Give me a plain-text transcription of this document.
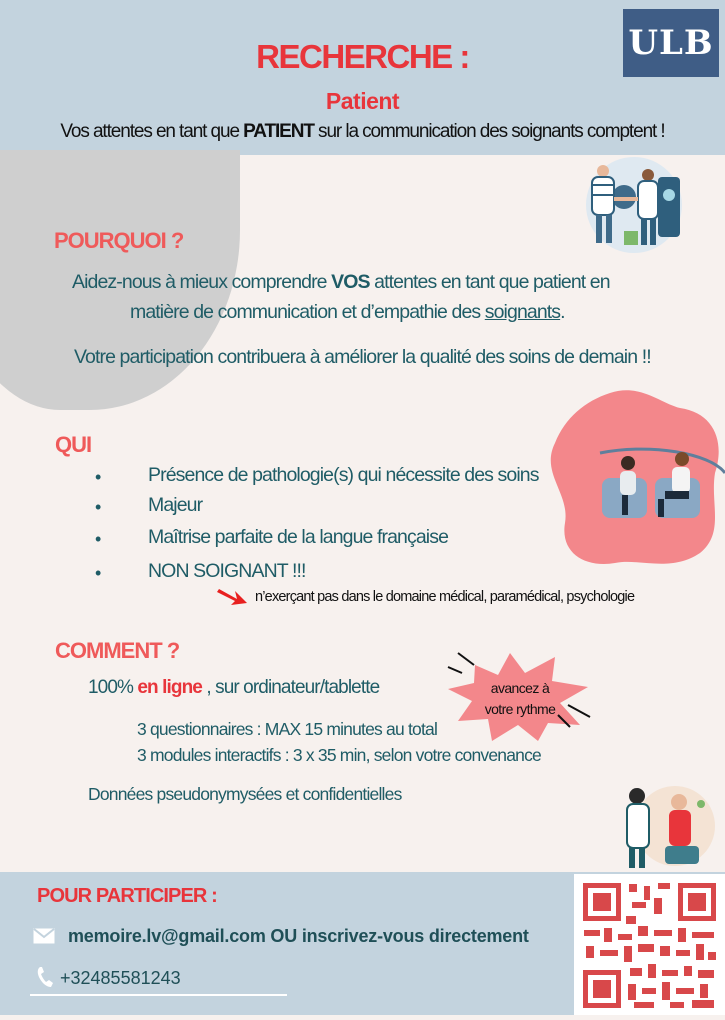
ULB
RECHERCHE :
Patient
Vos attentes en tant que PATIENT sur la communication des soignants comptent !
POURQUOI ?
Aidez-nous à mieux comprendre VOS attentes en tant que patient en
matière de communication et d’empathie des soignants.
Votre participation contribuera à améliorer la qualité des soins de demain !!
QUI
• Présence de pathologie(s) qui nécessite des soins
• Majeur
• Maîtrise parfaite de la langue française
• NON SOIGNANT !!!
n’exerçant pas dans le domaine médical, paramédical, psychologie
COMMENT ?
100% en ligne , sur ordinateur/tablette	avancez à
votre rythme
3 questionnaires : MAX 15 minutes au total
3 modules interactifs : 3 x 35 min, selon votre convenance
Données pseudonymysées et confidentielles
POUR PARTICIPER :
memoire.lv@gmail.com OU inscrivez-vous directement
+32485581243
